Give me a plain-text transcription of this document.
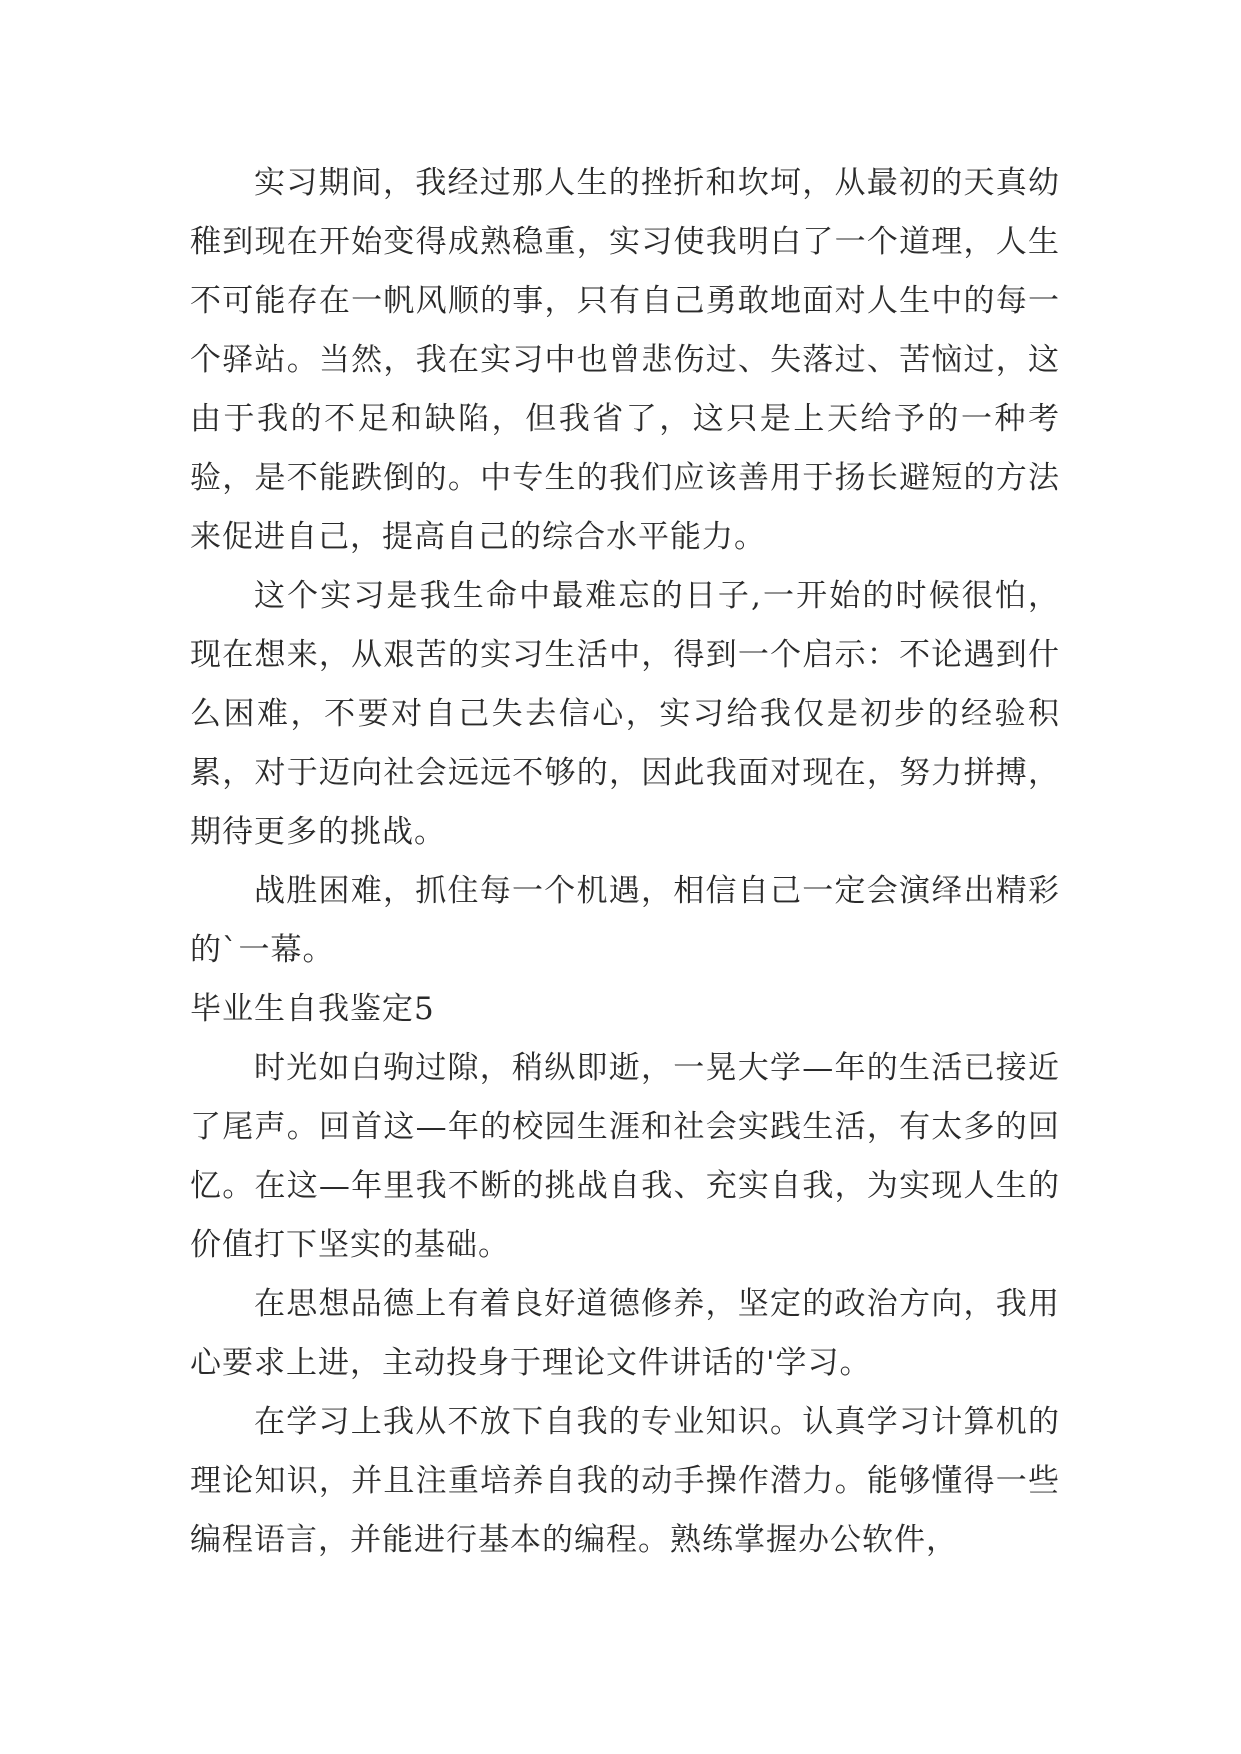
实习期间，我经过那人生的挫折和坎坷，从最初的天真幼稚到现在开始变得成熟稳重，实习使我明白了一个道理，人生不可能存在一帆风顺的事，只有自己勇敢地面对人生中的每一个驿站。当然，我在实习中也曾悲伤过、失落过、苦恼过，这由于我的不足和缺陷，但我省了，这只是上天给予的一种考验，是不能跌倒的。中专生的我们应该善用于扬长避短的方法来促进自己，提高自己的综合水平能力。

这个实习是我生命中最难忘的日子,一开始的时候很怕，现在想来，从艰苦的实习生活中，得到一个启示：不论遇到什么困难，不要对自己失去信心，实习给我仅是初步的经验积累，对于迈向社会远远不够的，因此我面对现在，努力拼搏，期待更多的挑战。

战胜困难，抓住每一个机遇，相信自己一定会演绎出精彩的`一幕。

毕业生自我鉴定5

时光如白驹过隙，稍纵即逝，一晃大学—年的生活已接近了尾声。回首这—年的校园生涯和社会实践生活，有太多的回忆。在这—年里我不断的挑战自我、充实自我，为实现人生的价值打下坚实的基础。

在思想品德上有着良好道德修养，坚定的政治方向，我用心要求上进，主动投身于理论文件讲话的'学习。

在学习上我从不放下自我的专业知识。认真学习计算机的理论知识，并且注重培养自我的动手操作潜力。能够懂得一些编程语言，并能进行基本的编程。熟练掌握办公软件，
